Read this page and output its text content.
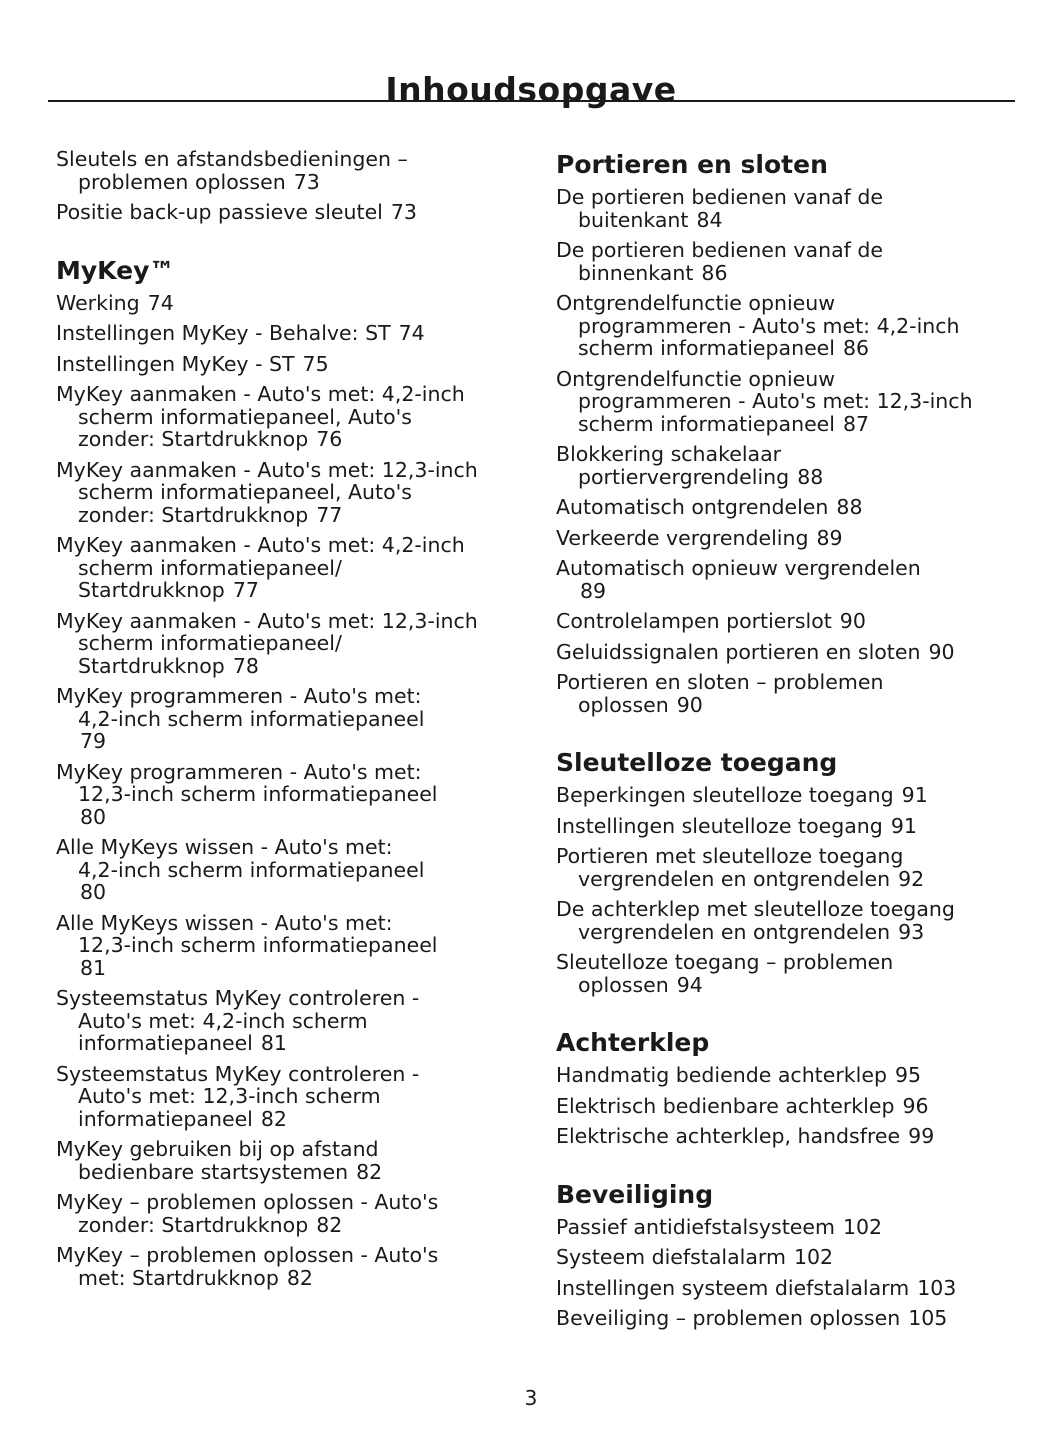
Inhoudsopgave
Sleutels en afstandsbedieningen –
problemen oplossen 73
Positie back-up passieve sleutel 73
MyKey™
Werking 74
Instellingen MyKey - Behalve: ST 74
Instellingen MyKey - ST 75
MyKey aanmaken - Auto's met: 4,2-inch
scherm informatiepaneel, Auto's
zonder: Startdrukknop 76
MyKey aanmaken - Auto's met: 12,3-inch
scherm informatiepaneel, Auto's
zonder: Startdrukknop 77
MyKey aanmaken - Auto's met: 4,2-inch
scherm informatiepaneel/
Startdrukknop 77
MyKey aanmaken - Auto's met: 12,3-inch
scherm informatiepaneel/
Startdrukknop 78
MyKey programmeren - Auto's met:
4,2-inch scherm informatiepaneel
79
MyKey programmeren - Auto's met:
12,3-inch scherm informatiepaneel
80
Alle MyKeys wissen - Auto's met:
4,2-inch scherm informatiepaneel
80
Alle MyKeys wissen - Auto's met:
12,3-inch scherm informatiepaneel
81
Systeemstatus MyKey controleren -
Auto's met: 4,2-inch scherm
informatiepaneel 81
Systeemstatus MyKey controleren -
Auto's met: 12,3-inch scherm
informatiepaneel 82
MyKey gebruiken bij op afstand
bedienbare startsystemen 82
MyKey – problemen oplossen - Auto's
zonder: Startdrukknop 82
MyKey – problemen oplossen - Auto's
met: Startdrukknop 82
Portieren en sloten
De portieren bedienen vanaf de
buitenkant 84
De portieren bedienen vanaf de
binnenkant 86
Ontgrendelfunctie opnieuw
programmeren - Auto's met: 4,2-inch
scherm informatiepaneel 86
Ontgrendelfunctie opnieuw
programmeren - Auto's met: 12,3-inch
scherm informatiepaneel 87
Blokkering schakelaar
portiervergrendeling 88
Automatisch ontgrendelen 88
Verkeerde vergrendeling 89
Automatisch opnieuw vergrendelen
89
Controlelampen portierslot 90
Geluidssignalen portieren en sloten 90
Portieren en sloten – problemen
oplossen 90
Sleutelloze toegang
Beperkingen sleutelloze toegang 91
Instellingen sleutelloze toegang 91
Portieren met sleutelloze toegang
vergrendelen en ontgrendelen 92
De achterklep met sleutelloze toegang
vergrendelen en ontgrendelen 93
Sleutelloze toegang – problemen
oplossen 94
Achterklep
Handmatig bediende achterklep 95
Elektrisch bedienbare achterklep 96
Elektrische achterklep, handsfree 99
Beveiliging
Passief antidiefstalsysteem 102
Systeem diefstalalarm 102
Instellingen systeem diefstalalarm 103
Beveiliging – problemen oplossen 105
3
